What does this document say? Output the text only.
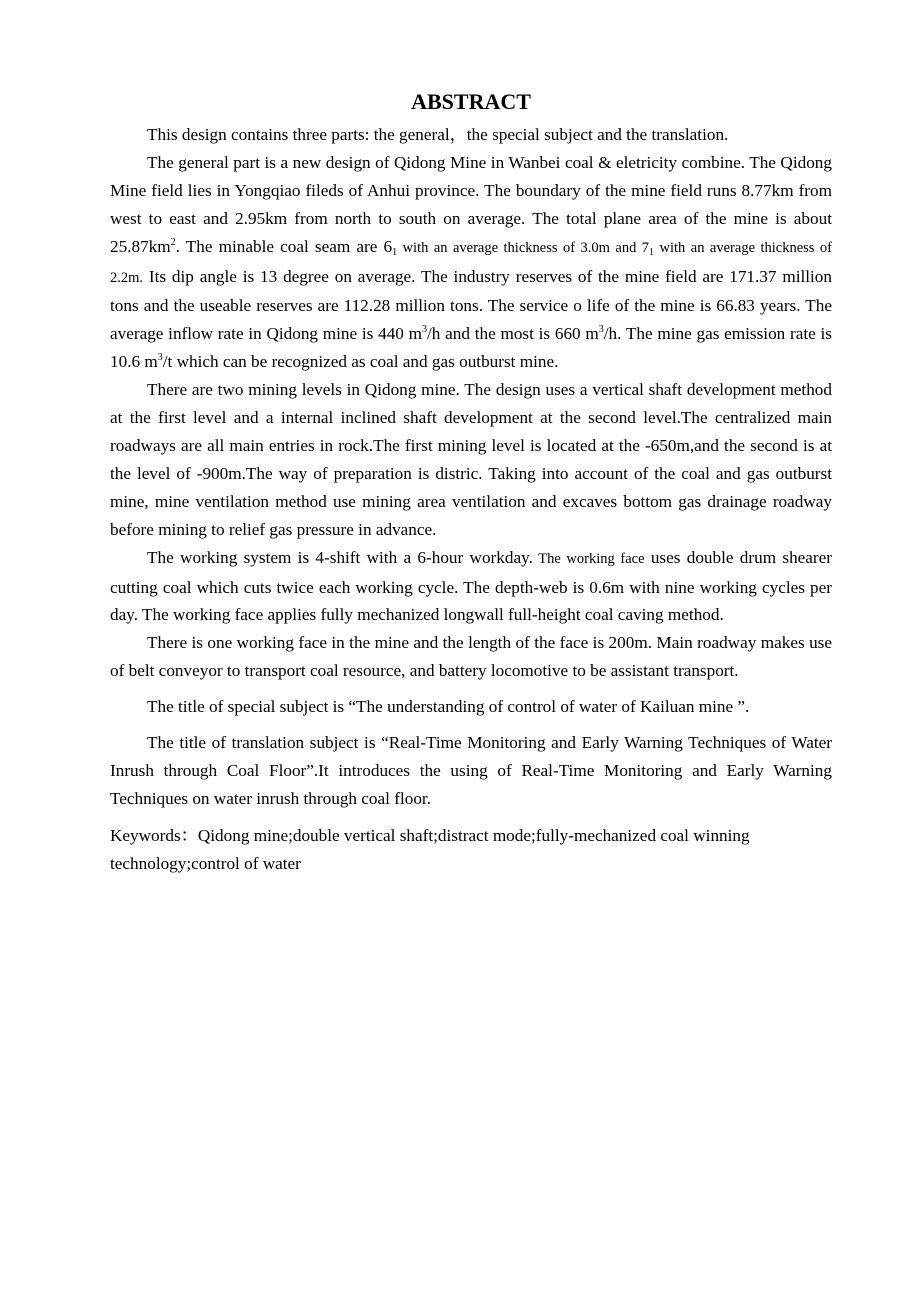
ABSTRACT

This design contains three parts: the general，the special subject and the translation.

The general part is a new design of Qidong Mine in Wanbei coal & eletricity combine. The Qidong Mine field lies in Yongqiao fileds of Anhui province. The boundary of the mine field runs 8.77km from west to east and 2.95km from north to south on average. The total plane area of the mine is about $25.87km^2$. The minable coal seam are $6_1$ with an average thickness of 3.0m and $7_1$ with an average thickness of 2.2m. Its dip angle is 13 degree on average. The industry reserves of the mine field are 171.37 million tons and the useable reserves are 112.28 million tons. The service o life of the mine is 66.83 years. The average inflow rate in Qidong mine is 440 $m^3/h$ and the most is 660 $m^3/h$. The mine gas emission rate is 10.6 $m^3/t$ which can be recognized as coal and gas outburst mine.

There are two mining levels in Qidong mine. The design uses a vertical shaft development method at the first level and a internal inclined shaft development at the second level.The centralized main roadways are all main entries in rock.The first mining level is located at the -650m,and the second is at the level of -900m.The way of preparation is distric. Taking into account of the coal and gas outburst mine, mine ventilation method use mining area ventilation and excaves bottom gas drainage roadway before mining to relief gas pressure in advance.

The working system is 4-shift with a 6-hour workday. The working face uses double drum shearer cutting coal which cuts twice each working cycle. The depth-web is 0.6m with nine working cycles per day. The working face applies fully mechanized longwall full-height coal caving method.

There is one working face in the mine and the length of the face is 200m. Main roadway makes use of belt conveyor to transport coal resource, and battery locomotive to be assistant transport.

The title of special subject is “The understanding of control of water of Kailuan mine ”.

The title of translation subject is “Real-Time Monitoring and Early Warning Techniques of Water Inrush through Coal Floor”.It introduces the using of Real-Time Monitoring and Early Warning Techniques on water inrush through coal floor.

Keywords：Qidong mine;double vertical shaft;distract mode;fully-mechanized coal winning technology;control of water
